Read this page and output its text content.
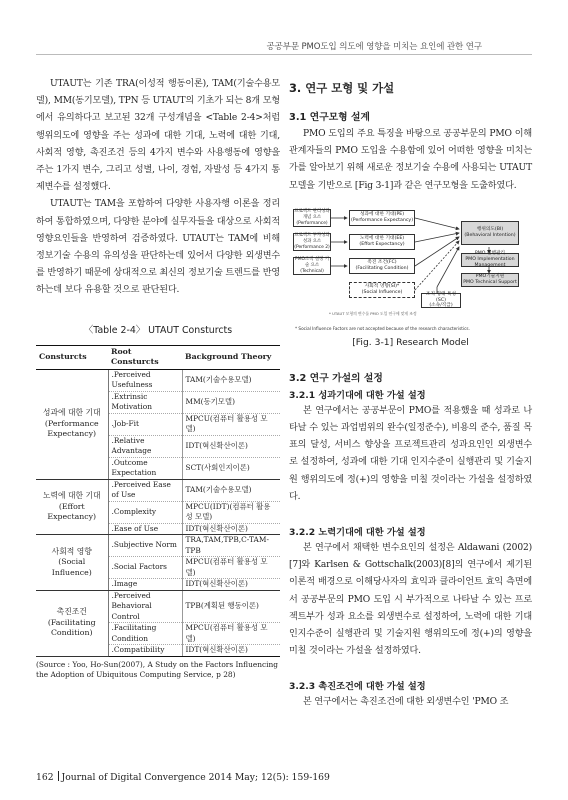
공공부문 PMO도입 의도에 영향을 미치는 요인에 관한 연구

UTAUT는 기존 TRA(이성적 행동이론), TAM(기술수용모델), MM(동기모델), TPN 등 UTAUT의 기초가 되는 8개 모형에서 유의하다고 보고된 32개 구성개념을 <Table 2-4>처럼 행위의도에 영향을 주는 성과에 대한 기대, 노력에 대한 기대, 사회적 영향, 촉진조건 등의 4가지 변수와 사용행동에 영향을 주는 1가지 변수, 그리고 성별, 나이, 경험, 자발성 등 4가지 통제변수를 설정했다.

UTAUT는 TAM을 포함하여 다양한 사용자행 이론을 정리하여 통합하였으며, 다양한 분야에 실무자들을 대상으로 사회적 영향요인들을 반영하여 검증하였다. UTAUT는 TAM에 비해 정보기술 수용의 유의성을 판단하는데 있어서 다양한 외생변수를 반영하기 때문에 상대적으로 최신의 정보기술 트렌드를 반영하는데 보다 유용할 것으로 판단된다.

〈Table 2-4〉 UTAUT Consturcts
Consturcts	Root Consturcts	Background Theory
성과에 대한 기대 (Performance Expectancy)	.Perceived Usefulness	TAM(기술수용모델)
	.Extrinsic Motivation	MM(동기모델)
	.Job-Fit	MPCU(컴퓨터 활용성 모델)
	.Relative Advantage	IDT(혁신확산이론)
	.Outcome Expectation	SCT(사회인지이론)
노력에 대한 기대(Effort Expectancy)	.Perceived Ease of Use	TAM(기술수용모델)
	.Complexity	MPCU(IDT)(컴퓨터 활용성 모델)
	.Ease of Use	IDT(혁신확산이론)
사회적 영향 (Social Influence)	.Subjective Norm	TRA,TAM,TPB,C-TAM-TPB
	.Social Factors	MPCU(컴퓨터 활용성 모델)
	.Image	IDT(혁신확산이론)
촉진조건 (Facilitating Condition)	.Perceived Behavioral Control	TPB(계획된 행동이론)
	.Facilitating Condition	MPCU(컴퓨터 활용성 모델)
	.Compatibility	IDT(혁신확산이론)
(Source : Yoo, Ho-Sun(2007), A Study on the Factors Influencing the Adoption of Ubiquitous Computing Service, p 28)
3. 연구 모형 및 가설
3.1 연구모형 설계

PMO 도입의 주요 특징을 바탕으로 공공부문의 PMO 이해관계자들의 PMO 도입을 수용함에 있어 어떠한 영향을 미치는 가를 알아보기 위해 새로운 정보기술 수용에 사용되는 UTAUT모델을 기반으로 [Fig 3-1]과 같은 연구모형을 도출하였다.

프로젝트 관리성과 개념 요소
(Performance)
프로젝트 투자성과 성과 요소
(Performance 2)
PMO조직 설정 기술 요소
(Technical)
성과에 대한 기대(PE)
(Performance Expectancy)
노력에 대한 기대(EE)
(Effort Expectancy)
촉진 조건(FC)
(Facilitating Condition)
사회적 영향(SI)*
(Social Influence)	조직 형태 특성 (SC)
(소속/직급)
행위의도(BI)
(Behavioral Intention)
PMO 실행관리
PMO Implementation Management
PMO기술지원
PMO Technical Support
* UTAUT 모형의 변수를 PMO 도입 연구에 맞게 조정
* Social Influence Factors are not accepted because of the research characteristics.
[Fig. 3-1] Research Model
3.2 연구 가설의 설정
3.2.1 성과기대에 대한 가설 설정

본 연구에서는 공공부문이 PMO를 적용했을 때 성과로 나타날 수 있는 과업범위의 완수(일정준수), 비용의 준수, 품질 목표의 달성, 서비스 향상을 프로젝트관리 성과요인인 외생변수로 설정하여, 성과에 대한 기대 인지수준이 실행관리 및 기술지원 행위의도에 정(+)의 영향을 미칠 것이라는 가설을 설정하였다.

3.2.2 노력기대에 대한 가설 설정

본 연구에서 채택한 변수요인의 설정은 Aldawani (2002)[7]와 Karlsen & Gottschalk(2003)[8]의 연구에서 제기된 이론적 배경으로 이해당사자의 효익과 클라이언트 효익 측면에서 공공부문의 PMO 도입 시 부가적으로 나타날 수 있는 프로젝트부가 성과 요소를 외생변수로 설정하여, 노력에 대한 기대 인지수준이 실행관리 및 기술지원 행위의도에 정(+)의 영향을 미칠 것이라는 가설을 설정하였다.

3.2.3 촉진조건에 대한 가설 설정

본 연구에서는 촉진조건에 대한 외생변수인 'PMO 조

162 Journal of Digital Convergence 2014 May; 12(5): 159-169
